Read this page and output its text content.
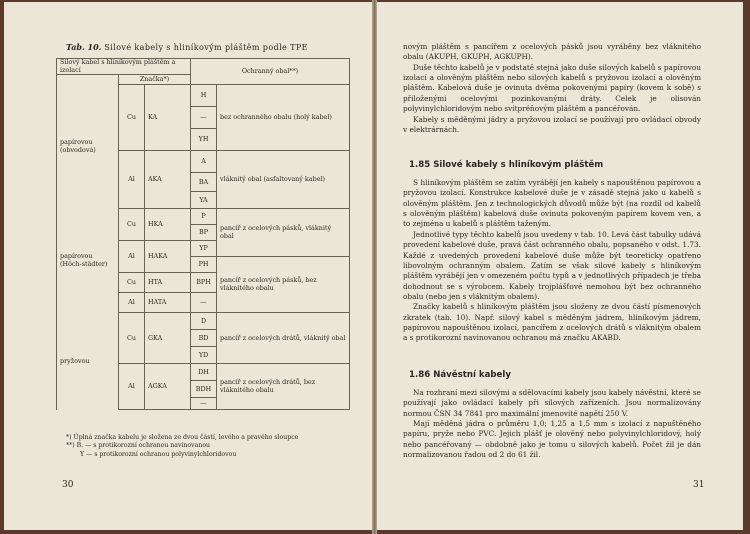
Tab. 10. Silové kabely s hliníkovým pláštěm podle TPE
Silový kabel s hliníkovým pláštěm a izolací			Ochranný obal**)	
	Značka*)			
papírovou (obvodová)	Cu	KA	H	bez ochranného obalu (holý kabel)
			—	
			YH	
	Al	AKA	A	vláknitý obal (asfaltovaný kabel)
			BA	
			YA	
papírovou (Höch-städter)	Cu	HKA	P	pancíř z ocelových pásků, vláknitý obal
			BP	
	Al	HAKA	YP	
			PH	pancíř z ocelových pásků, bez vláknitého obalu
	Cu	HTA	BPH	
	Al	HATA	—	
pryžovou	Cu	GKA	D	pancíř z ocelových drátů, vláknitý obal
			BD	
			YD	
	Al	AGKA	DH	pancíř z ocelových drátů, bez vláknitého obalu
			BDH	
			—	
*) Úplná značka kabelu je složena ze dvou částí, levého a pravého sloupce
**) B. — s protikorozní ochranou navinovanou
Y — s protikorozní ochranou polyvinylchloridovou
30

novým pláštěm s pancířem z ocelových pásků jsou vyráběny bez vláknitého obalu (AKUPH, GKUPH, AGKUPH).

Duše těchto kabelů je v podstatě stejná jako duše silových kabelů s papírovou izolací a olověným pláštěm nebo silových kabelů s pryžovou izolací a olověným pláštěm. Kabelová duše je ovinuta dvěma pokovenými papíry (kovem k sobě) s přiloženými ocelovými pozinkovanými dráty. Celek je olisován polyvinylchloridovým nebo svitpréňovým pláštěm a pancéřován.

Kabely s měděnými jádry a pryžovou izolací se používají pro ovládací obvody v elektrárnách.

1.85 Silové kabely s hliníkovým pláštěm

S hliníkovým pláštěm se zatím vyrábějí jen kabely s napouštěnou papírovou a pryžovou izolací. Konstrukce kabelové duše je v zásadě stejná jako u kabelů s olověným pláštěm. Jen z technologických důvodů může být (na rozdíl od kabelů s olověným pláštěm) kabelová duše ovinuta pokoveným papírem kovem ven, a to zejména u kabelů s pláštěm taženým.

Jednotlivé typy těchto kabelů jsou uvedeny v tab. 10. Levá část tabulky udává provedení kabelové duše, pravá část ochranného obalu, popsaného v odst. 1.73. Každé z uvedených provedení kabelové duše může být teoreticky opatřeno libovolným ochranným obalem. Zatím se však silové kabely s hliníkovým pláštěm vyrábějí jen v omezeném počtu typů a v jednotlivých případech je třeba dohodnout se s výrobcem. Kabely trojplášťové nemohou být bez ochranného obalu (nebo jen s vláknitým obalem).

Značky kabelů s hliníkovým pláštěm jsou složeny ze dvou částí písmenových zkratek (tab. 10). Např. silový kabel s měděným jádrem, hliníkovým jádrem, papírovou napouštěnou izolací, pancířem z ocelových drátů s vláknitým obalem a s protikorozní navinovanou ochranou má značku AKABD.

1.86 Návěstní kabely

Na rozhraní mezi silovými a sdělovacími kabely jsou kabely návěstní, které se používají jako ovládací kabely při silových zařízeních. Jsou normalizovány normou ČSN 34 7841 pro maximální jmenovité napětí 250 V.

Mají měděná jádra o průměru 1,0; 1,25 a 1,5 mm s izolací z napuštěného papíru, pryže nebo PVC. Jejich plášť je olověný nebo polyvinylchloridový, holý nebo pancéřovaný — obdobně jako je tomu u silových kabelů. Počet žil je dán normalizovanou řadou od 2 do 61 žil.

31
